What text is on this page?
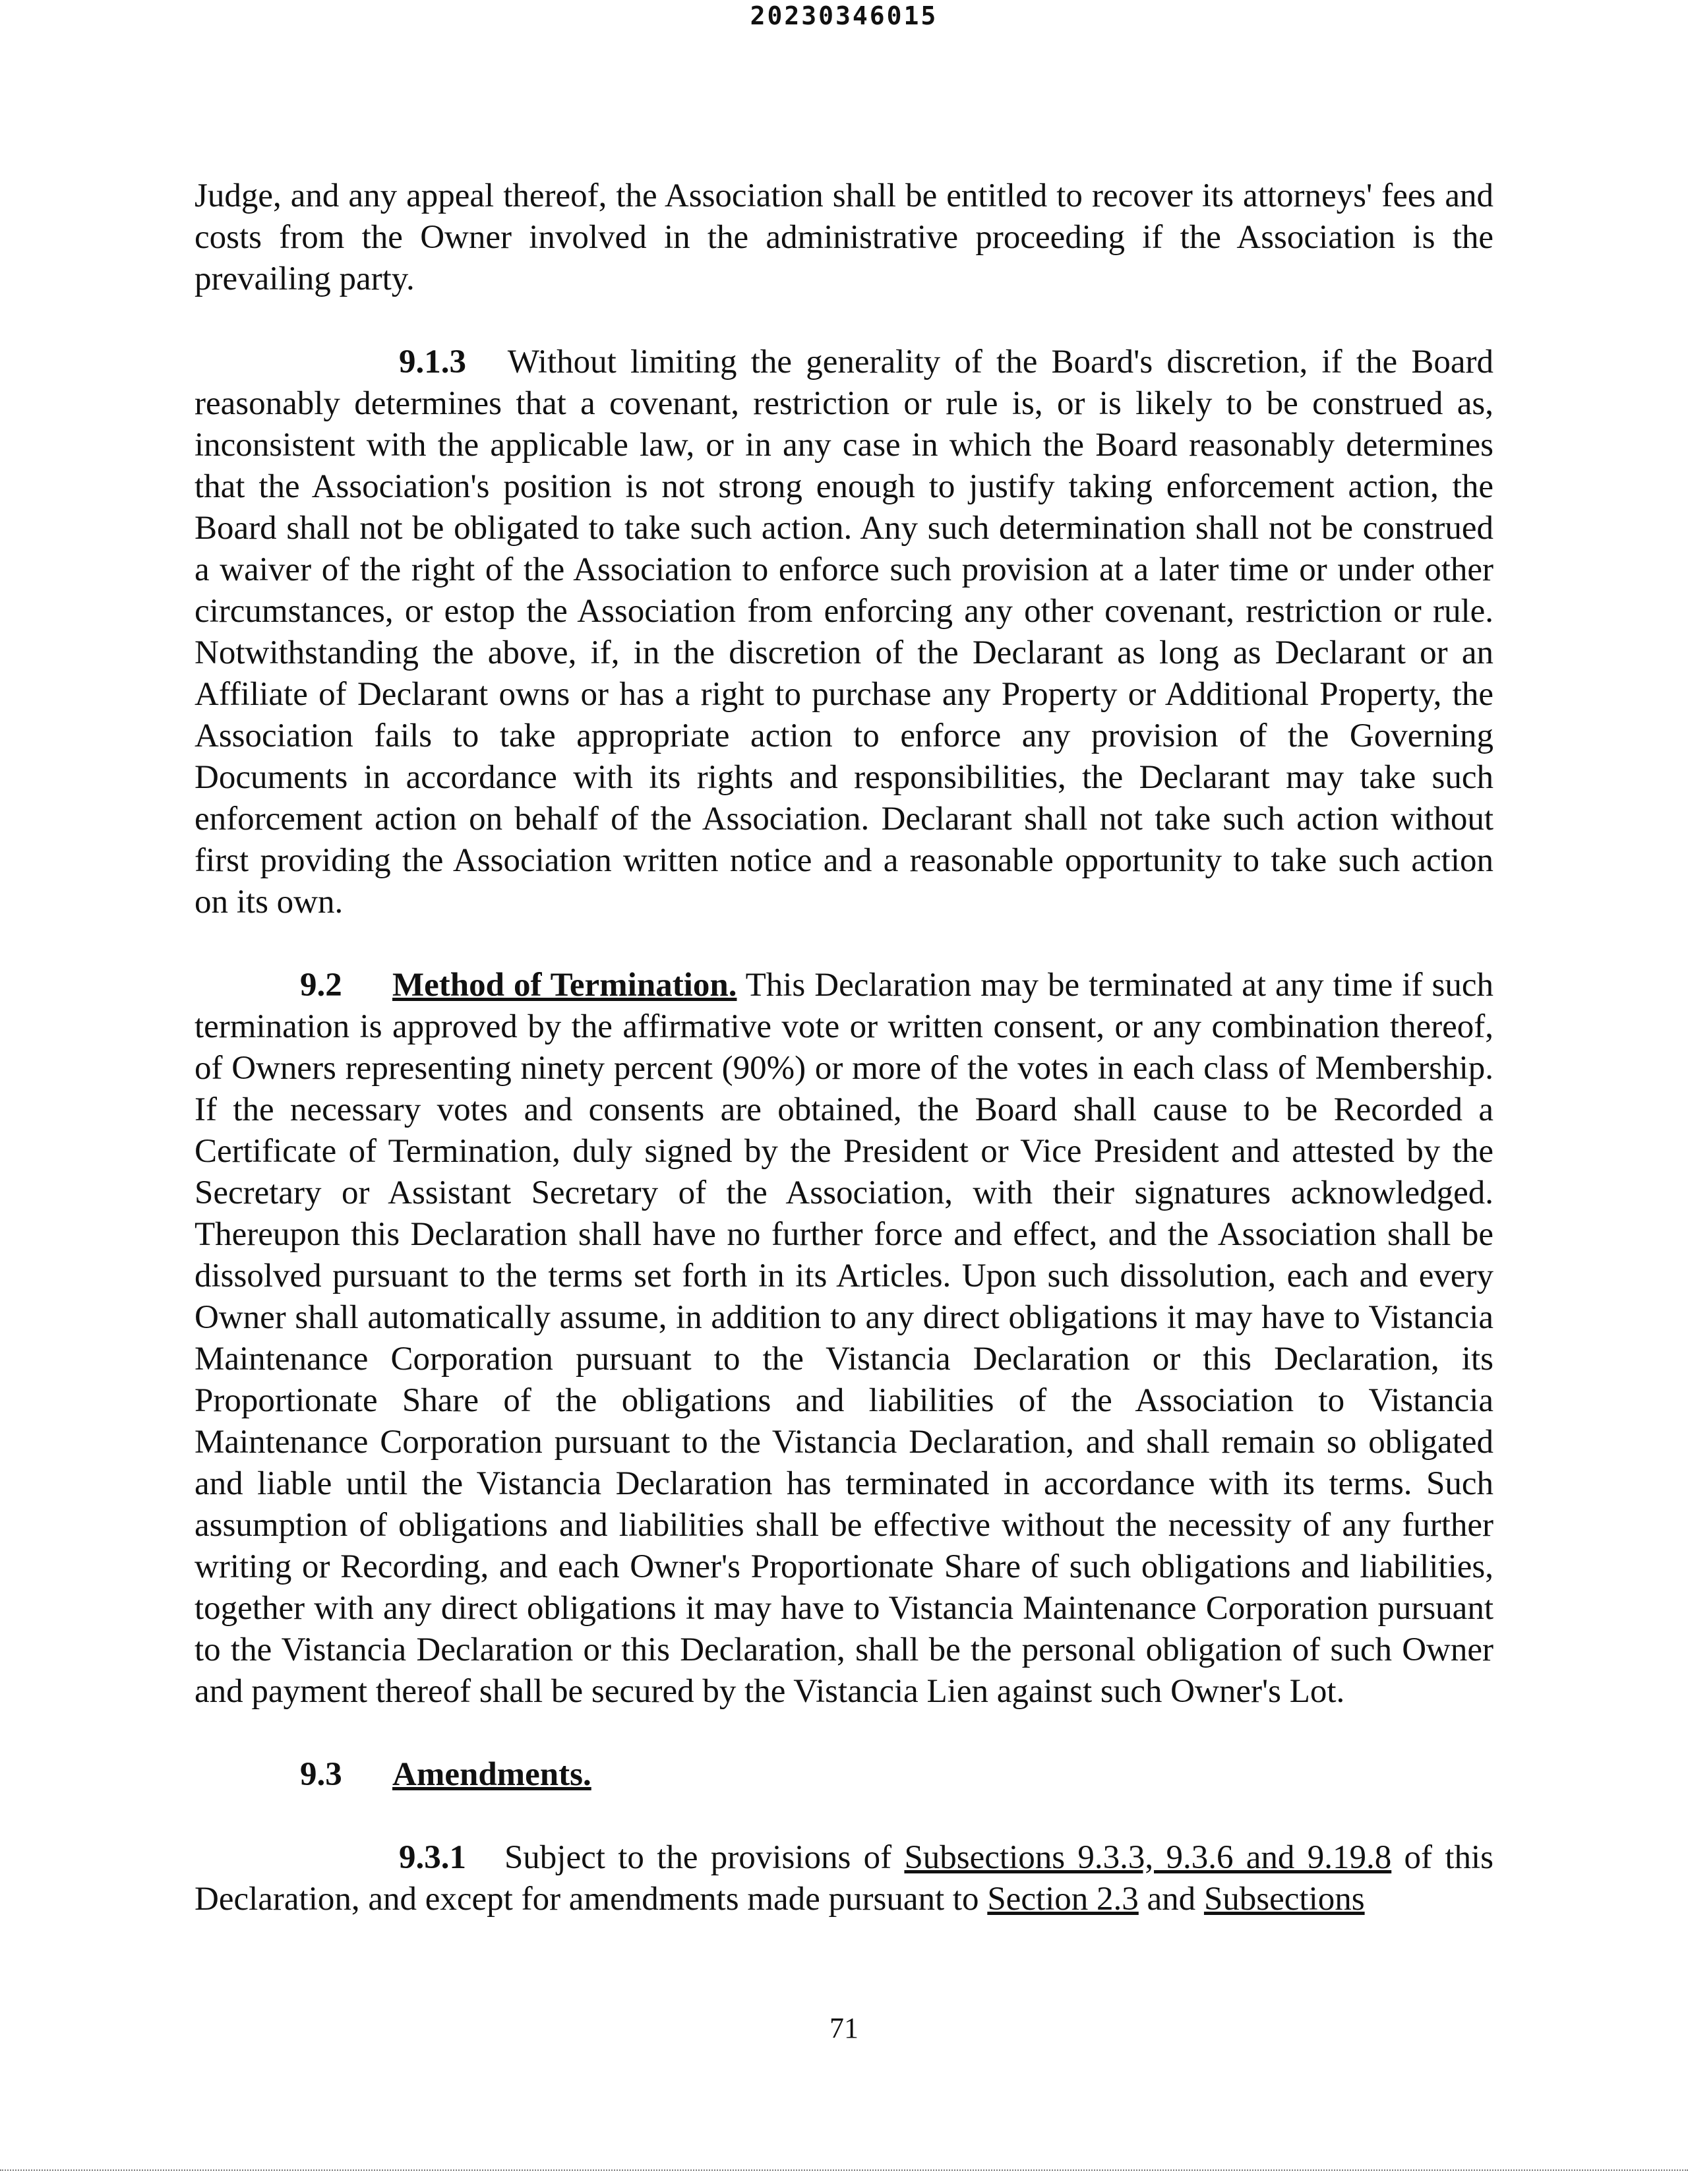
20230346015

Judge, and any appeal thereof, the Association shall be entitled to recover its attorneys' fees and costs from the Owner involved in the administrative proceeding if the Association is the prevailing party.

9.1.3 Without limiting the generality of the Board's discretion, if the Board reasonably determines that a covenant, restriction or rule is, or is likely to be construed as, inconsistent with the applicable law, or in any case in which the Board reasonably determines that the Association's position is not strong enough to justify taking enforcement action, the Board shall not be obligated to take such action. Any such determination shall not be construed a waiver of the right of the Association to enforce such provision at a later time or under other circumstances, or estop the Association from enforcing any other covenant, restriction or rule. Notwithstanding the above, if, in the discretion of the Declarant as long as Declarant or an Affiliate of Declarant owns or has a right to purchase any Property or Additional Property, the Association fails to take appropriate action to enforce any provision of the Governing Documents in accordance with its rights and responsibilities, the Declarant may take such enforcement action on behalf of the Association. Declarant shall not take such action without first providing the Association written notice and a reasonable opportunity to take such action on its own.

9.2 Method of Termination. This Declaration may be terminated at any time if such termination is approved by the affirmative vote or written consent, or any combination thereof, of Owners representing ninety percent (90%) or more of the votes in each class of Membership. If the necessary votes and consents are obtained, the Board shall cause to be Recorded a Certificate of Termination, duly signed by the President or Vice President and attested by the Secretary or Assistant Secretary of the Association, with their signatures acknowledged. Thereupon this Declaration shall have no further force and effect, and the Association shall be dissolved pursuant to the terms set forth in its Articles. Upon such dissolution, each and every Owner shall automatically assume, in addition to any direct obligations it may have to Vistancia Maintenance Corporation pursuant to the Vistancia Declaration or this Declaration, its Proportionate Share of the obligations and liabilities of the Association to Vistancia Maintenance Corporation pursuant to the Vistancia Declaration, and shall remain so obligated and liable until the Vistancia Declaration has terminated in accordance with its terms. Such assumption of obligations and liabilities shall be effective without the necessity of any further writing or Recording, and each Owner's Proportionate Share of such obligations and liabilities, together with any direct obligations it may have to Vistancia Maintenance Corporation pursuant to the Vistancia Declaration or this Declaration, shall be the personal obligation of such Owner and payment thereof shall be secured by the Vistancia Lien against such Owner's Lot.

9.3 Amendments.

9.3.1 Subject to the provisions of Subsections 9.3.3, 9.3.6 and 9.19.8 of this Declaration, and except for amendments made pursuant to Section 2.3 and Subsections

71
